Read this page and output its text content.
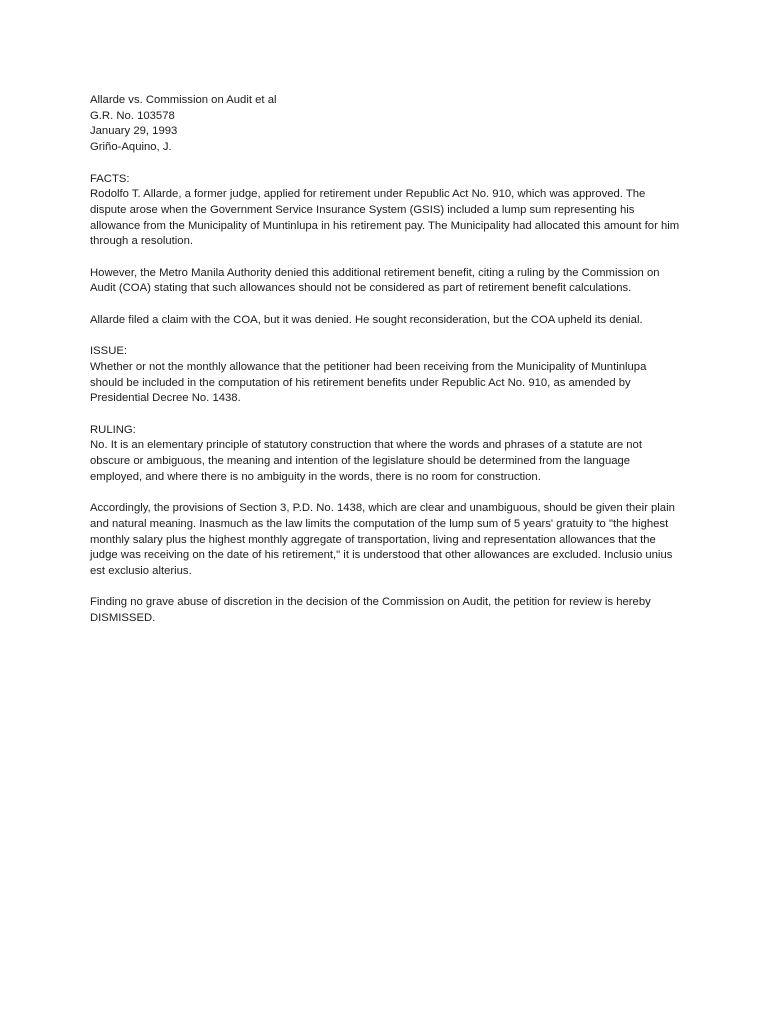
Allarde vs. Commission on Audit et al
G.R. No. 103578
January 29, 1993
Griño-Aquino, J.
FACTS:

Rodolfo T. Allarde, a former judge, applied for retirement under Republic Act No. 910, which was approved. The dispute arose when the Government Service Insurance System (GSIS) included a lump sum representing his allowance from the Municipality of Muntinlupa in his retirement pay. The Municipality had allocated this amount for him through a resolution.

However, the Metro Manila Authority denied this additional retirement benefit, citing a ruling by the Commission on Audit (COA) stating that such allowances should not be considered as part of retirement benefit calculations.

Allarde filed a claim with the COA, but it was denied. He sought reconsideration, but the COA upheld its denial.

ISSUE:

Whether or not the monthly allowance that the petitioner had been receiving from the Municipality of Muntinlupa should be included in the computation of his retirement benefits under Republic Act No. 910, as amended by Presidential Decree No. 1438.

RULING:

No. It is an elementary principle of statutory construction that where the words and phrases of a statute are not obscure or ambiguous, the meaning and intention of the legislature should be determined from the language employed, and where there is no ambiguity in the words, there is no room for construction.

Accordingly, the provisions of Section 3, P.D. No. 1438, which are clear and unambiguous, should be given their plain and natural meaning. Inasmuch as the law limits the computation of the lump sum of 5 years' gratuity to "the highest monthly salary plus the highest monthly aggregate of transportation, living and representation allowances that the judge was receiving on the date of his retirement," it is understood that other allowances are excluded. Inclusio unius est exclusio alterius.

Finding no grave abuse of discretion in the decision of the Commission on Audit, the petition for review is hereby DISMISSED.
